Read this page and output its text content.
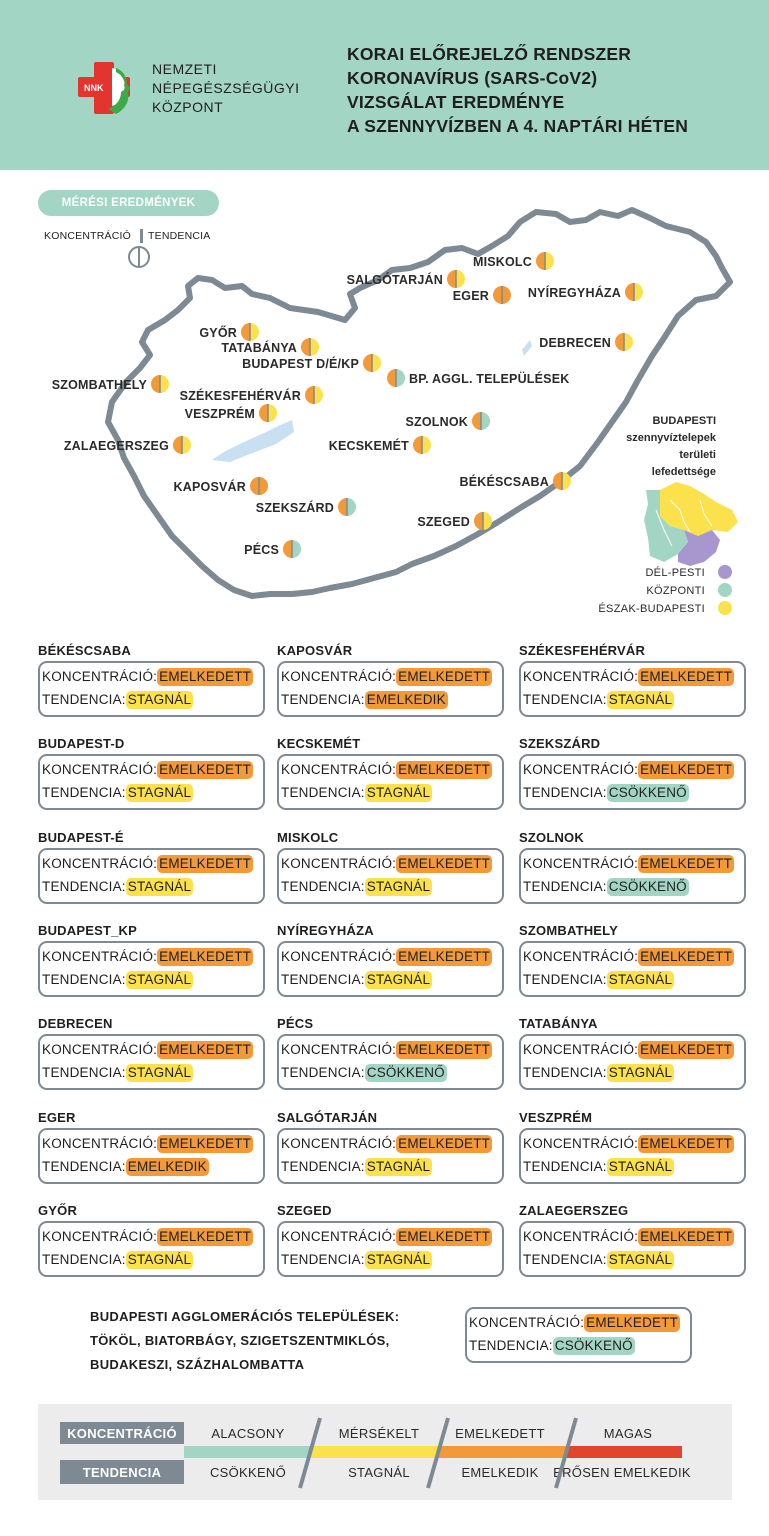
NNK
NEMZETI
NÉPEGÉSZSÉGÜGYI
KÖZPONT
KORAI ELŐREJELZŐ RENDSZER
KORONAVÍRUS (SARS-CoV2)
VIZSGÁLAT EREDMÉNYE
A SZENNYVÍZBEN A 4. NAPTÁRI HÉTEN
MISKOLC
SALGÓTARJÁN
EGER	NYÍREGYHÁZA
GYŐR
TATABÁNYA	DEBRECEN
BUDAPEST D/É/KP
BP. AGGL. TELEPÜLÉSEK
SZOMBATHELY
SZÉKESFEHÉRVÁR
VESZPRÉM
SZOLNOK
ZALAEGERSZEG	KECSKEMÉT
BÉKÉSCSABA
KAPOSVÁR
SZEKSZÁRD
SZEGED
PÉCS
BUDAPESTI
szennyvíztelepek
területi
lefedettsége
DÉL-PESTI
KÖZPONTI
ÉSZAK-BUDAPESTI
MÉRÉSI EREDMÉNYEK
KONCENTRÁCIÓ TENDENCIA
BÉKÉSCSABA
KONCENTRÁCIÓ: EMELKEDETT
TENDENCIA: STAGNÁL
KAPOSVÁR
KONCENTRÁCIÓ: EMELKEDETT
TENDENCIA: EMELKEDIK
SZÉKESFEHÉRVÁR
KONCENTRÁCIÓ: EMELKEDETT
TENDENCIA: STAGNÁL
BUDAPEST-D
KONCENTRÁCIÓ: EMELKEDETT
TENDENCIA: STAGNÁL
KECSKEMÉT
KONCENTRÁCIÓ: EMELKEDETT
TENDENCIA: STAGNÁL
SZEKSZÁRD
KONCENTRÁCIÓ: EMELKEDETT
TENDENCIA: CSÖKKENŐ
BUDAPEST-É
KONCENTRÁCIÓ: EMELKEDETT
TENDENCIA: STAGNÁL
MISKOLC
KONCENTRÁCIÓ: EMELKEDETT
TENDENCIA: STAGNÁL
SZOLNOK
KONCENTRÁCIÓ: EMELKEDETT
TENDENCIA: CSÖKKENŐ
BUDAPEST_KP
KONCENTRÁCIÓ: EMELKEDETT
TENDENCIA: STAGNÁL
NYÍREGYHÁZA
KONCENTRÁCIÓ: EMELKEDETT
TENDENCIA: STAGNÁL
SZOMBATHELY
KONCENTRÁCIÓ: EMELKEDETT
TENDENCIA: STAGNÁL
DEBRECEN
KONCENTRÁCIÓ: EMELKEDETT
TENDENCIA: STAGNÁL
PÉCS
KONCENTRÁCIÓ: EMELKEDETT
TENDENCIA: CSÖKKENŐ
TATABÁNYA
KONCENTRÁCIÓ: EMELKEDETT
TENDENCIA: STAGNÁL
EGER
KONCENTRÁCIÓ: EMELKEDETT
TENDENCIA: EMELKEDIK
SALGÓTARJÁN
KONCENTRÁCIÓ: EMELKEDETT
TENDENCIA: STAGNÁL
VESZPRÉM
KONCENTRÁCIÓ: EMELKEDETT
TENDENCIA: STAGNÁL
GYŐR
KONCENTRÁCIÓ: EMELKEDETT
TENDENCIA: STAGNÁL
SZEGED
KONCENTRÁCIÓ: EMELKEDETT
TENDENCIA: STAGNÁL
ZALAEGERSZEG
KONCENTRÁCIÓ: EMELKEDETT
TENDENCIA: STAGNÁL
BUDAPESTI AGGLOMERÁCIÓS TELEPÜLÉSEK:
TÖKÖL, BIATORBÁGY, SZIGETSZENTMIKLÓS,
BUDAKESZI, SZÁZHALOMBATTA
KONCENTRÁCIÓ: EMELKEDETT
TENDENCIA: CSÖKKENŐ
KONCENTRÁCIÓ
TENDENCIA
ALACSONY
CSÖKKENŐ
MÉRSÉKELT
STAGNÁL
EMELKEDETT
EMELKEDIK
MAGAS
ERŐSEN EMELKEDIK
